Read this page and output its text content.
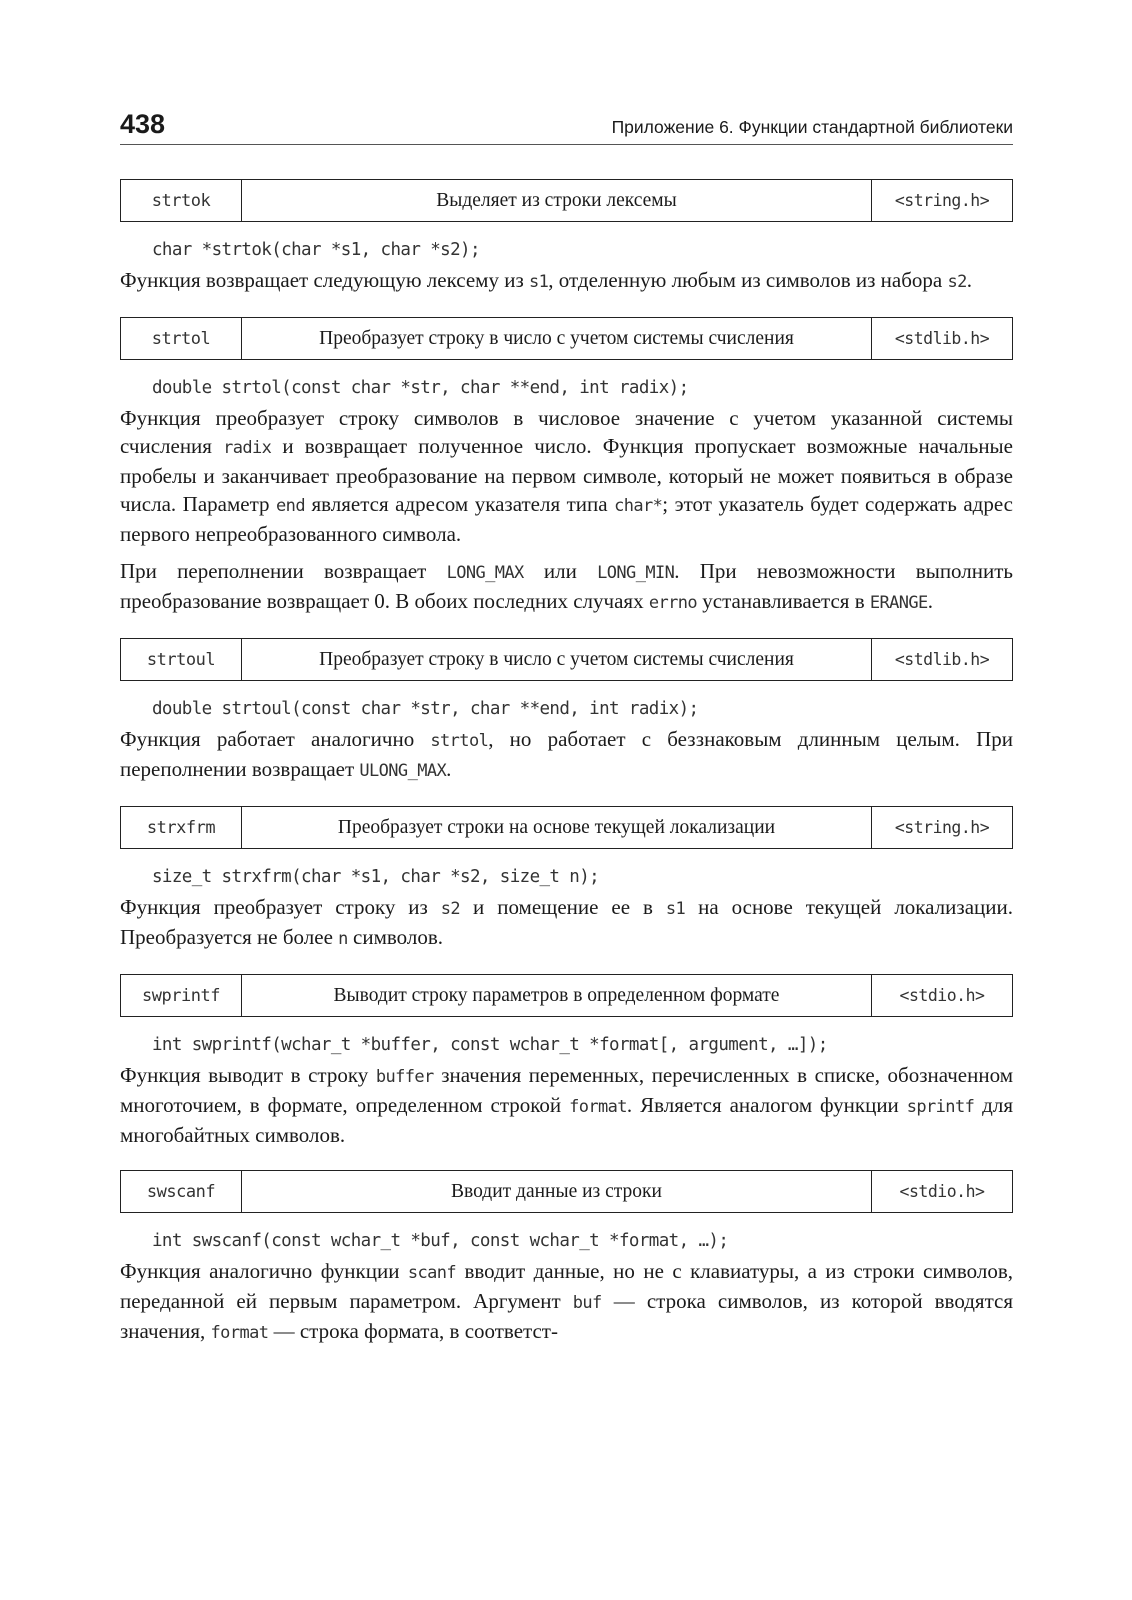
438	Приложение 6. Функции стандартной библиотеки
strtok	Выделяет из строки лексемы	<string.h>
char *strtok(char *s1, char *s2);

Функция возвращает следующую лексему из s1, отделенную любым из символов из набора s2.

strtol	Преобразует строку в число с учетом системы счисления	<stdlib.h>
double strtol(const char *str, char **end, int radix);

Функция преобразует строку символов в числовое значение с учетом указанной системы счисления radix и возвращает полученное число. Функция пропускает возможные начальные пробелы и заканчивает преобразование на первом символе, который не может появиться в образе числа. Параметр end является адресом указателя типа char*; этот указатель будет содержать адрес первого непреобразованного символа.

При переполнении возвращает LONG_MAX или LONG_MIN. При невозможности выполнить преобразование возвращает 0. В обоих последних случаях errno устанавливается в ERANGE.

strtoul	Преобразует строку в число с учетом системы счисления	<stdlib.h>
double strtoul(const char *str, char **end, int radix);

Функция работает аналогично strtol, но работает с беззнаковым длинным целым. При переполнении возвращает ULONG_MAX.

strxfrm	Преобразует строки на основе текущей локализации	<string.h>
size_t strxfrm(char *s1, char *s2, size_t n);

Функция преобразует строку из s2 и помещение ее в s1 на основе текущей локализации. Преобразуется не более n символов.

swprintf	Выводит строку параметров в определенном формате	<stdio.h>
int swprintf(wchar_t *buffer, const wchar_t *format[, argument, …]);

Функция выводит в строку buffer значения переменных, перечисленных в списке, обозначенном многоточием, в формате, определенном строкой format. Является аналогом функции sprintf для многобайтных символов.

swscanf	Вводит данные из строки	<stdio.h>
int swscanf(const wchar_t *buf, const wchar_t *format, …);

Функция аналогично функции scanf вводит данные, но не с клавиатуры, а из строки символов, переданной ей первым параметром. Аргумент buf — строка символов, из которой вводятся значения, format — строка формата, в соответст-
